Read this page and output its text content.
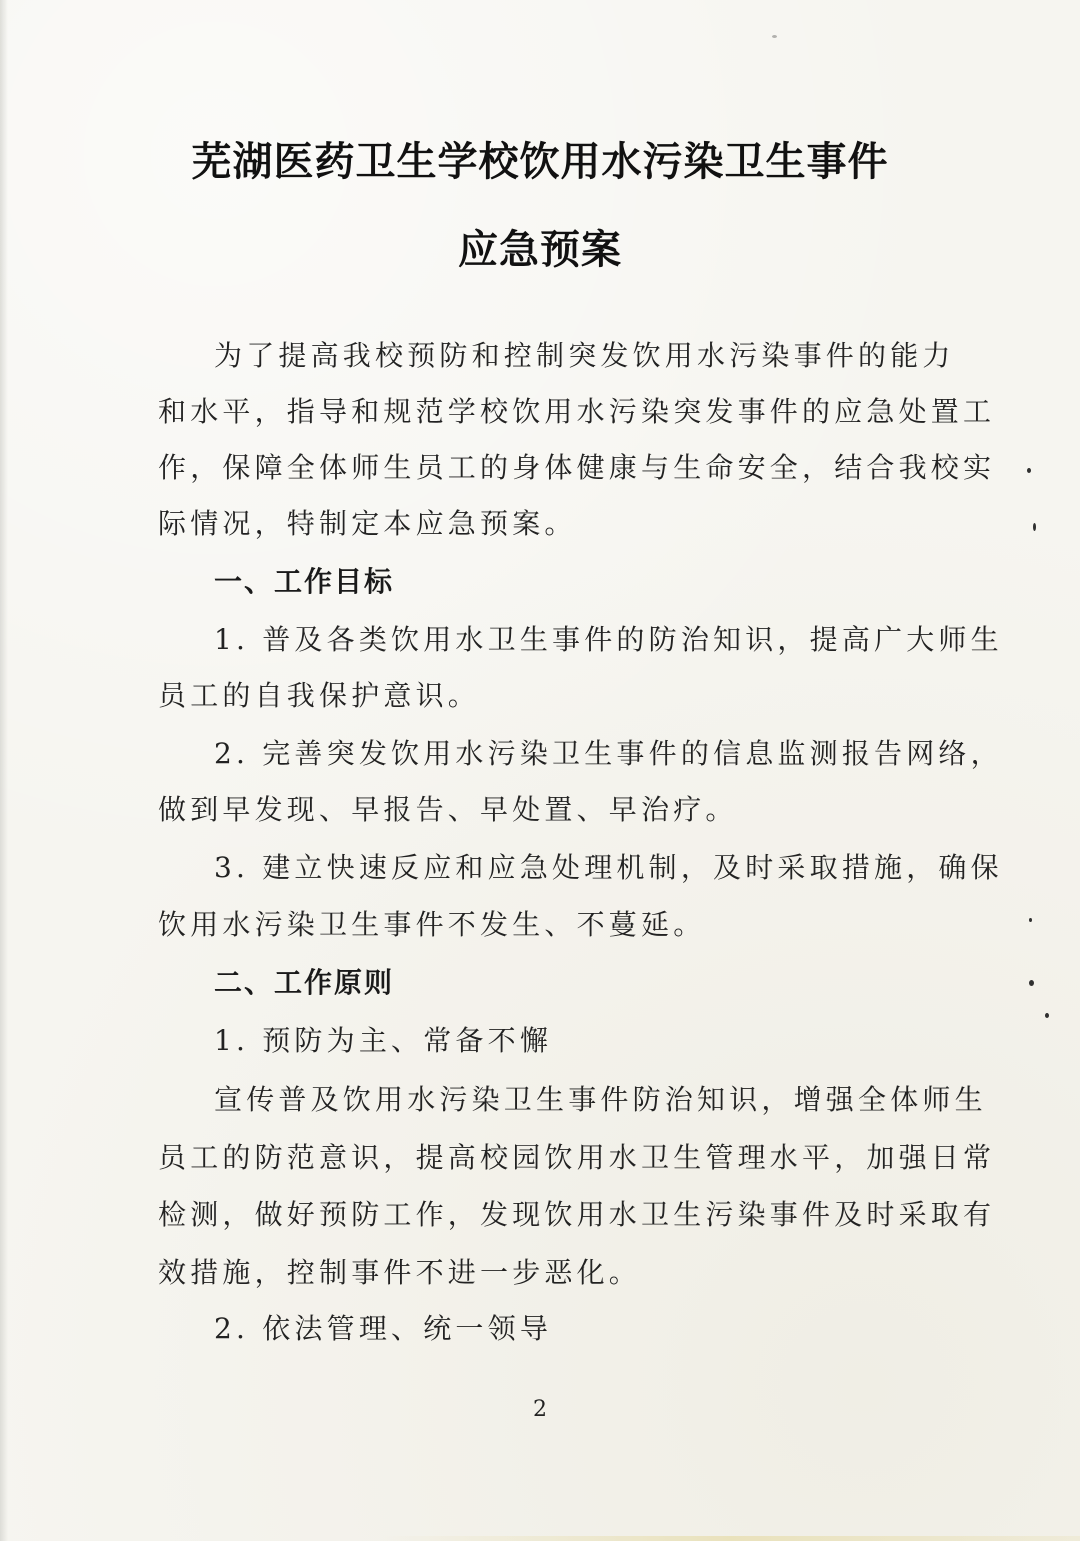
芜湖医药卫生学校饮用水污染卫生事件
应急预案
为了提高我校预防和控制突发饮用水污染事件的能力
和水平，指导和规范学校饮用水污染突发事件的应急处置工
作，保障全体师生员工的身体健康与生命安全，结合我校实
际情况，特制定本应急预案。
一、工作目标
1. 普及各类饮用水卫生事件的防治知识，提高广大师生
员工的自我保护意识。
2. 完善突发饮用水污染卫生事件的信息监测报告网络，
做到早发现、早报告、早处置、早治疗。
3. 建立快速反应和应急处理机制，及时采取措施，确保
饮用水污染卫生事件不发生、不蔓延。
二、工作原则
1. 预防为主、常备不懈
宣传普及饮用水污染卫生事件防治知识，增强全体师生
员工的防范意识，提高校园饮用水卫生管理水平，加强日常
检测，做好预防工作，发现饮用水卫生污染事件及时采取有
效措施，控制事件不进一步恶化。
2. 依法管理、统一领导
2
